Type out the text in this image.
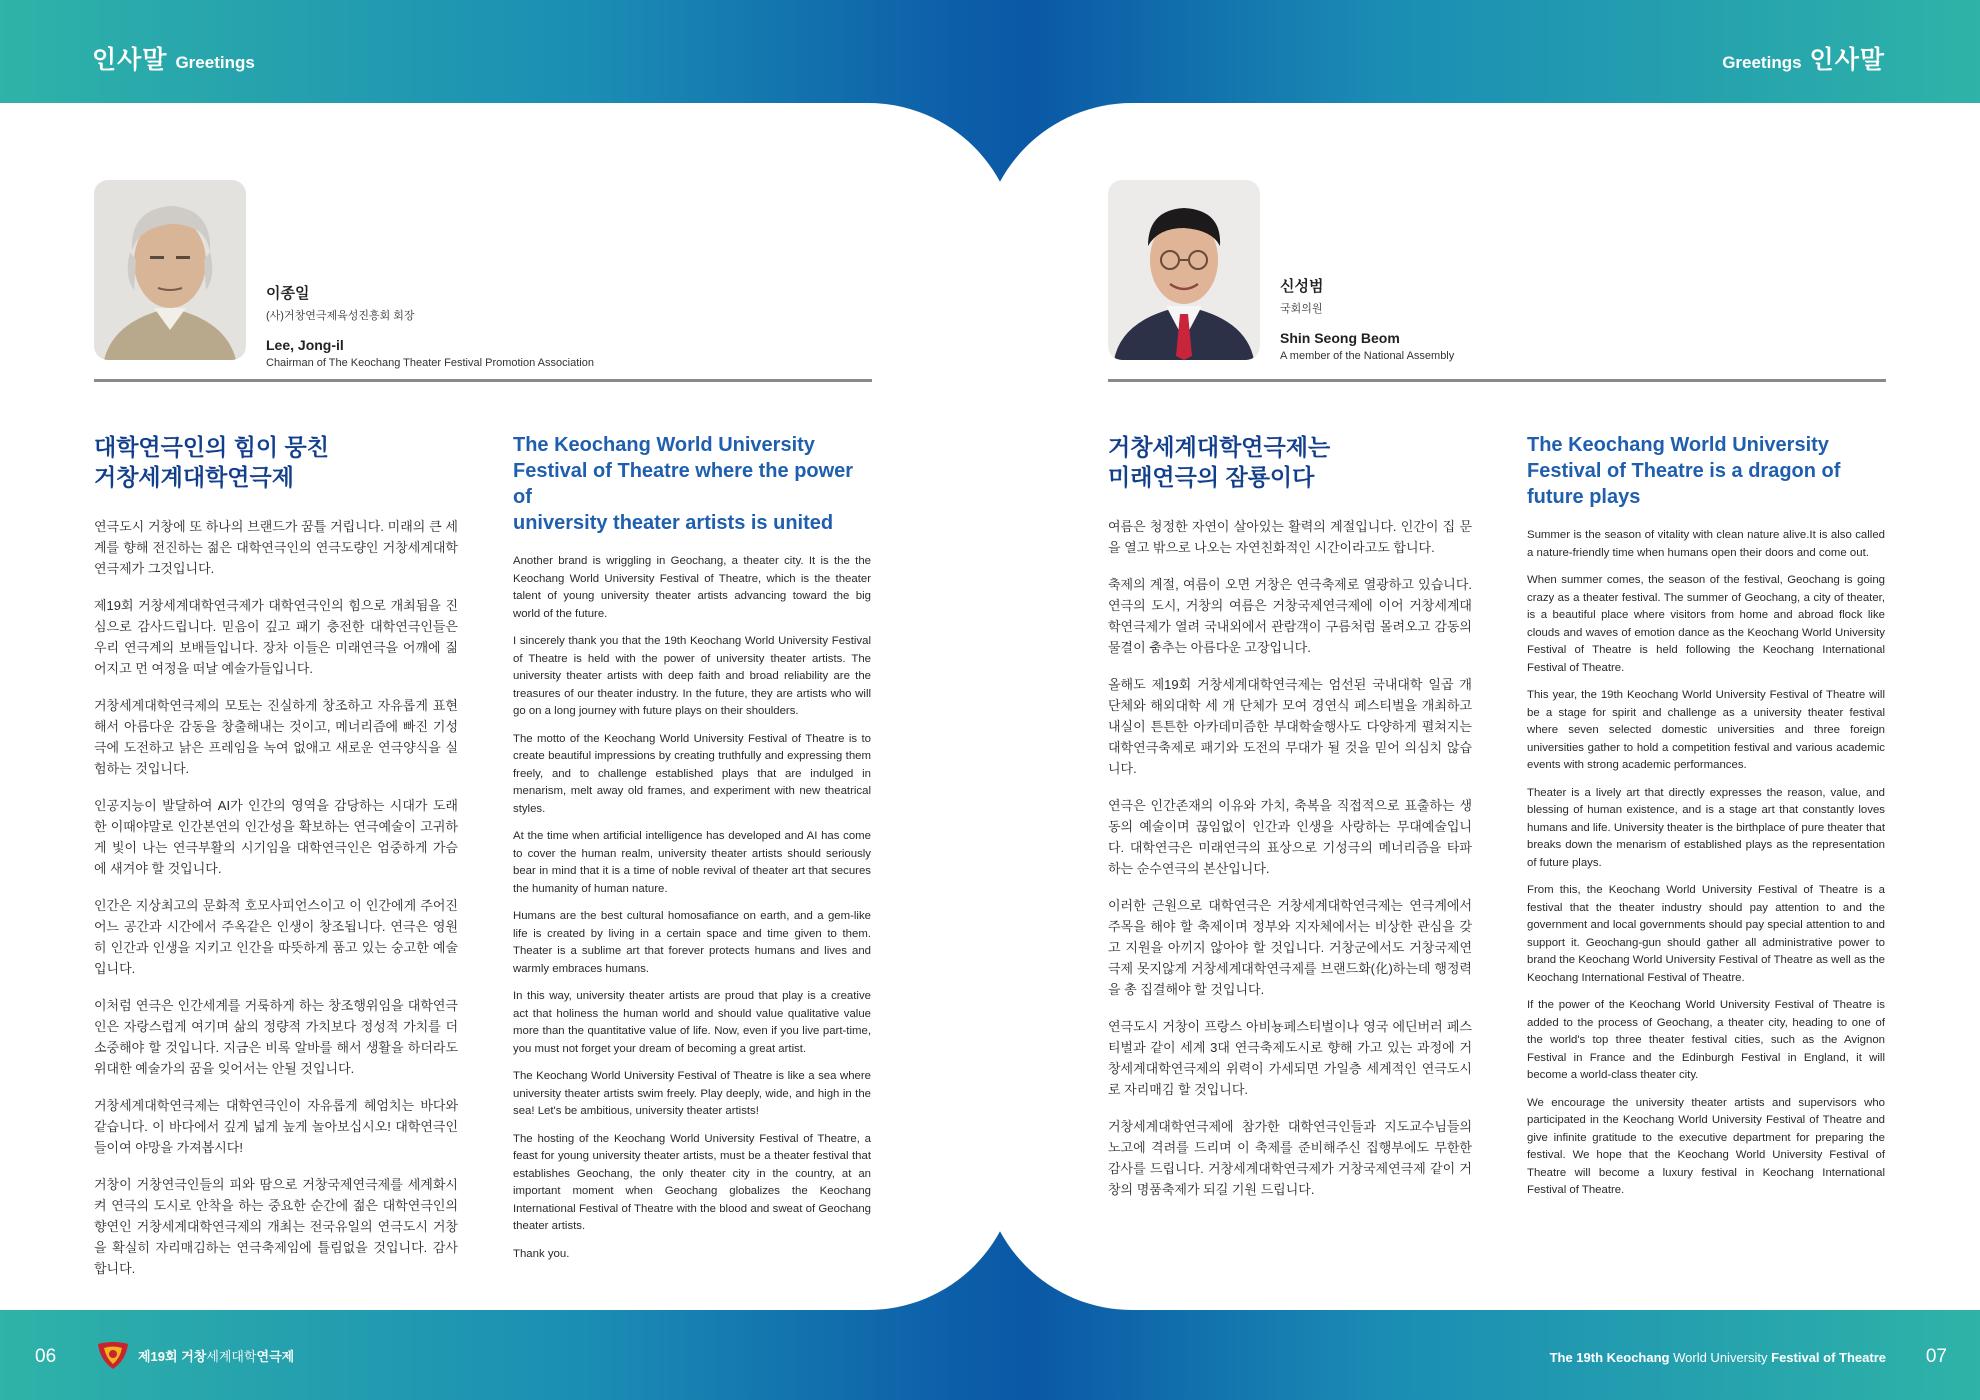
인사말 Greetings	Greetings 인사말
이종일
(사)거창연극제육성진흥회 회장
Lee, Jong-il
Chairman of The Keochang Theater Festival Promotion Association
대학연극인의 힘이 뭉친
거창세계대학연극제

연극도시 거창에 또 하나의 브랜드가 꿈틀 거립니다. 미래의 큰 세계를 향해 전진하는 젊은 대학연극인의 연극도량인 거창세계대학연극제가 그것입니다.

제19회 거창세계대학연극제가 대학연극인의 힘으로 개최됨을 진심으로 감사드립니다. 믿음이 깊고 패기 충전한 대학연극인들은 우리 연극계의 보배들입니다. 장차 이들은 미래연극을 어깨에 짊어지고 먼 여정을 떠날 예술가들입니다.

거창세계대학연극제의 모토는 진실하게 창조하고 자유롭게 표현해서 아름다운 감동을 창출해내는 것이고, 메너리즘에 빠진 기성극에 도전하고 낡은 프레임을 녹여 없애고 새로운 연극양식을 실험하는 것입니다.

인공지능이 발달하여 AI가 인간의 영역을 감당하는 시대가 도래한 이때야말로 인간본연의 인간성을 확보하는 연극예술이 고귀하게 빛이 나는 연극부활의 시기임을 대학연극인은 엄중하게 가슴에 새겨야 할 것입니다.

인간은 지상최고의 문화적 호모사피언스이고 이 인간에게 주어진 어느 공간과 시간에서 주옥같은 인생이 창조됩니다. 연극은 영원히 인간과 인생을 지키고 인간을 따뜻하게 품고 있는 숭고한 예술입니다.

이처럼 연극은 인간세계를 거룩하게 하는 창조행위임을 대학연극인은 자랑스럽게 여기며 삶의 정량적 가치보다 정성적 가치를 더 소중해야 할 것입니다. 지금은 비록 알바를 해서 생활을 하더라도 위대한 예술가의 꿈을 잊어서는 안될 것입니다.

거창세계대학연극제는 대학연극인이 자유롭게 헤엄치는 바다와 같습니다. 이 바다에서 깊게 넓게 높게 놀아보십시오! 대학연극인들이여 야망을 가져봅시다!

거창이 거창연극인들의 피와 땀으로 거창국제연극제를 세계화시켜 연극의 도시로 안착을 하는 중요한 순간에 젊은 대학연극인의 향연인 거창세계대학연극제의 개최는 전국유일의 연극도시 거창을 확실히 자리매김하는 연극축제임에 틀림없을 것입니다. 감사합니다.

The Keochang World University
Festival of Theatre where the power of
university theater artists is united

Another brand is wriggling in Geochang, a theater city. It is the the Keochang World University Festival of Theatre, which is the theater talent of young university theater artists advancing toward the big world of the future.

I sincerely thank you that the 19th Keochang World University Festival of Theatre is held with the power of university theater artists. The university theater artists with deep faith and broad reliability are the treasures of our theater industry. In the future, they are artists who will go on a long journey with future plays on their shoulders.

The motto of the Keochang World University Festival of Theatre is to create beautiful impressions by creating truthfully and expressing them freely, and to challenge established plays that are indulged in menarism, melt away old frames, and experiment with new theatrical styles.

At the time when artificial intelligence has developed and AI has come to cover the human realm, university theater artists should seriously bear in mind that it is a time of noble revival of theater art that secures the humanity of human nature.

Humans are the best cultural homosafiance on earth, and a gem-like life is created by living in a certain space and time given to them. Theater is a sublime art that forever protects humans and lives and warmly embraces humans.

In this way, university theater artists are proud that play is a creative act that holiness the human world and should value qualitative value more than the quantitative value of life. Now, even if you live part-time, you must not forget your dream of becoming a great artist.

The Keochang World University Festival of Theatre is like a sea where university theater artists swim freely. Play deeply, wide, and high in the sea! Let's be ambitious, university theater artists!

The hosting of the Keochang World University Festival of Theatre, a feast for young university theater artists, must be a theater festival that establishes Geochang, the only theater city in the country, at an important moment when Geochang globalizes the Keochang International Festival of Theatre with the blood and sweat of Geochang theater artists.

Thank you.

신성범
국회의원
Shin Seong Beom
A member of the National Assembly
거창세계대학연극제는
미래연극의 잠룡이다

여름은 청정한 자연이 살아있는 활력의 계절입니다. 인간이 집 문을 열고 밖으로 나오는 자연친화적인 시간이라고도 합니다.

축제의 계절, 여름이 오면 거창은 연극축제로 열광하고 있습니다. 연극의 도시, 거창의 여름은 거창국제연극제에 이어 거창세계대학연극제가 열려 국내외에서 관람객이 구름처럼 몰려오고 감동의 물결이 춤추는 아름다운 고장입니다.

올해도 제19회 거창세계대학연극제는 엄선된 국내대학 일곱 개 단체와 해외대학 세 개 단체가 모여 경연식 페스티벌을 개최하고 내실이 튼튼한 아카데미즘한 부대학술행사도 다양하게 펼쳐지는 대학연극축제로 패기와 도전의 무대가 될 것을 믿어 의심치 않습니다.

연극은 인간존재의 이유와 가치, 축복을 직접적으로 표출하는 생동의 예술이며 끊임없이 인간과 인생을 사랑하는 무대예술입니다. 대학연극은 미래연극의 표상으로 기성극의 메너리즘을 타파하는 순수연극의 본산입니다.

이러한 근원으로 대학연극은 거창세계대학연극제는 연극계에서 주목을 해야 할 축제이며 정부와 지자체에서는 비상한 관심을 갖고 지원을 아끼지 않아야 할 것입니다. 거창군에서도 거창국제연극제 못지않게 거창세계대학연극제를 브랜드화(化)하는데 행정력을 총 집결해야 할 것입니다.

연극도시 거창이 프랑스 아비뇽페스티벌이나 영국 에딘버러 페스티벌과 같이 세계 3대 연극축제도시로 향해 가고 있는 과정에 거창세계대학연극제의 위력이 가세되면 가일층 세계적인 연극도시로 자리매김 할 것입니다.

거창세계대학연극제에 참가한 대학연극인들과 지도교수님들의 노고에 격려를 드리며 이 축제를 준비해주신 집행부에도 무한한 감사를 드립니다. 거창세계대학연극제가 거창국제연극제 같이 거창의 명품축제가 되길 기원 드립니다.

The Keochang World University
Festival of Theatre is a dragon of
future plays

Summer is the season of vitality with clean nature alive.It is also called a nature-friendly time when humans open their doors and come out.

When summer comes, the season of the festival, Geochang is going crazy as a theater festival. The summer of Geochang, a city of theater, is a beautiful place where visitors from home and abroad flock like clouds and waves of emotion dance as the Keochang World University Festival of Theatre is held following the Keochang International Festival of Theatre.

This year, the 19th Keochang World University Festival of Theatre will be a stage for spirit and challenge as a university theater festival where seven selected domestic universities and three foreign universities gather to hold a competition festival and various academic events with strong academic performances.

Theater is a lively art that directly expresses the reason, value, and blessing of human existence, and is a stage art that constantly loves humans and life. University theater is the birthplace of pure theater that breaks down the menarism of established plays as the representation of future plays.

From this, the Keochang World University Festival of Theatre is a festival that the theater industry should pay attention to and the government and local governments should pay special attention to and support it. Geochang-gun should gather all administrative power to brand the Keochang World University Festival of Theatre as well as the Keochang International Festival of Theatre.

If the power of the Keochang World University Festival of Theatre is added to the process of Geochang, a theater city, heading to one of the world's top three theater festival cities, such as the Avignon Festival in France and the Edinburgh Festival in England, it will become a world-class theater city.

We encourage the university theater artists and supervisors who participated in the Keochang World University Festival of Theatre and give infinite gratitude to the executive department for preparing the festival. We hope that the Keochang World University Festival of Theatre will become a luxury festival in Keochang International Festival of Theatre.

06	제19회 거창세계대학연극제	The 19th Keochang World University Festival of Theatre 07
